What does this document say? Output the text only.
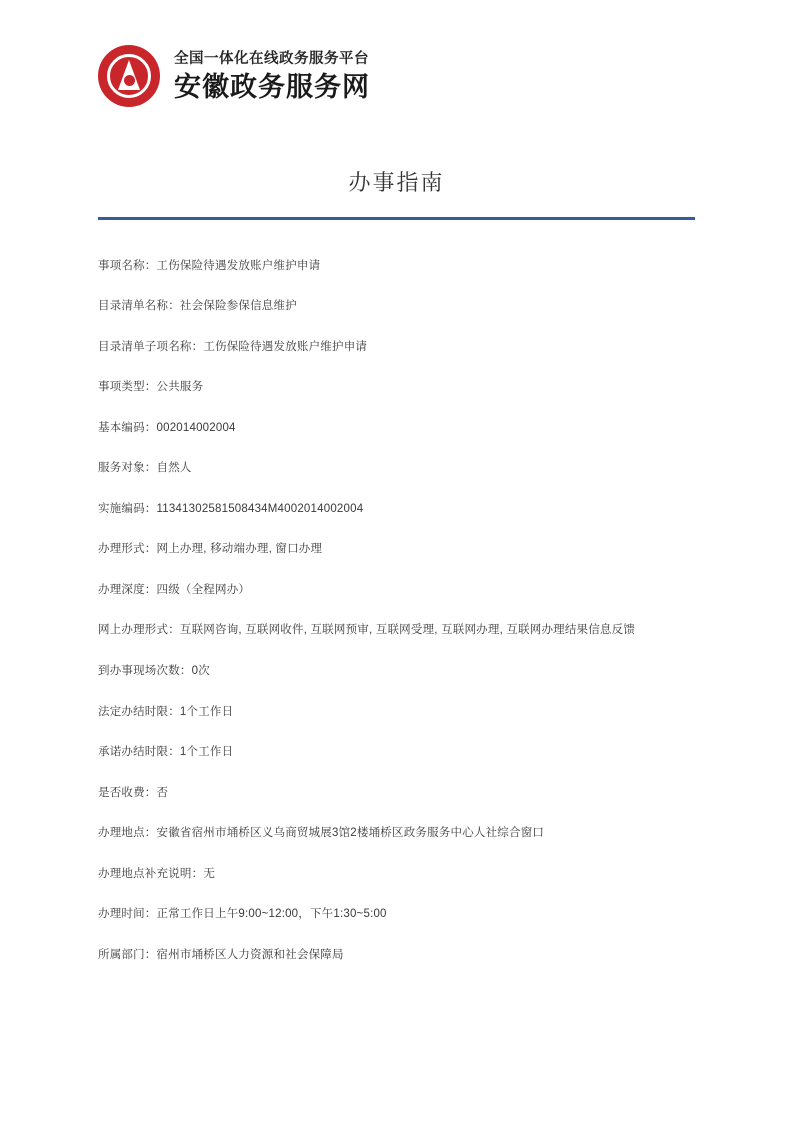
全国一体化在线政务服务平台
安徽政务服务网
办事指南
事项名称：工伤保险待遇发放账户维护申请
目录清单名称：社会保险参保信息维护
目录清单子项名称：工伤保险待遇发放账户维护申请
事项类型：公共服务
基本编码：002014002004
服务对象：自然人
实施编码：11341302581508434M4002014002004
办理形式：网上办理, 移动端办理, 窗口办理
办理深度：四级（全程网办）
网上办理形式：互联网咨询, 互联网收件, 互联网预审, 互联网受理, 互联网办理, 互联网办理结果信息反馈
到办事现场次数：0次
法定办结时限：1个工作日
承诺办结时限：1个工作日
是否收费：否
办理地点：安徽省宿州市埇桥区义乌商贸城展3馆2楼埇桥区政务服务中心人社综合窗口
办理地点补充说明：无
办理时间：正常工作日上午9:00~12:00，下午1:30~5:00
所属部门：宿州市埇桥区人力资源和社会保障局
